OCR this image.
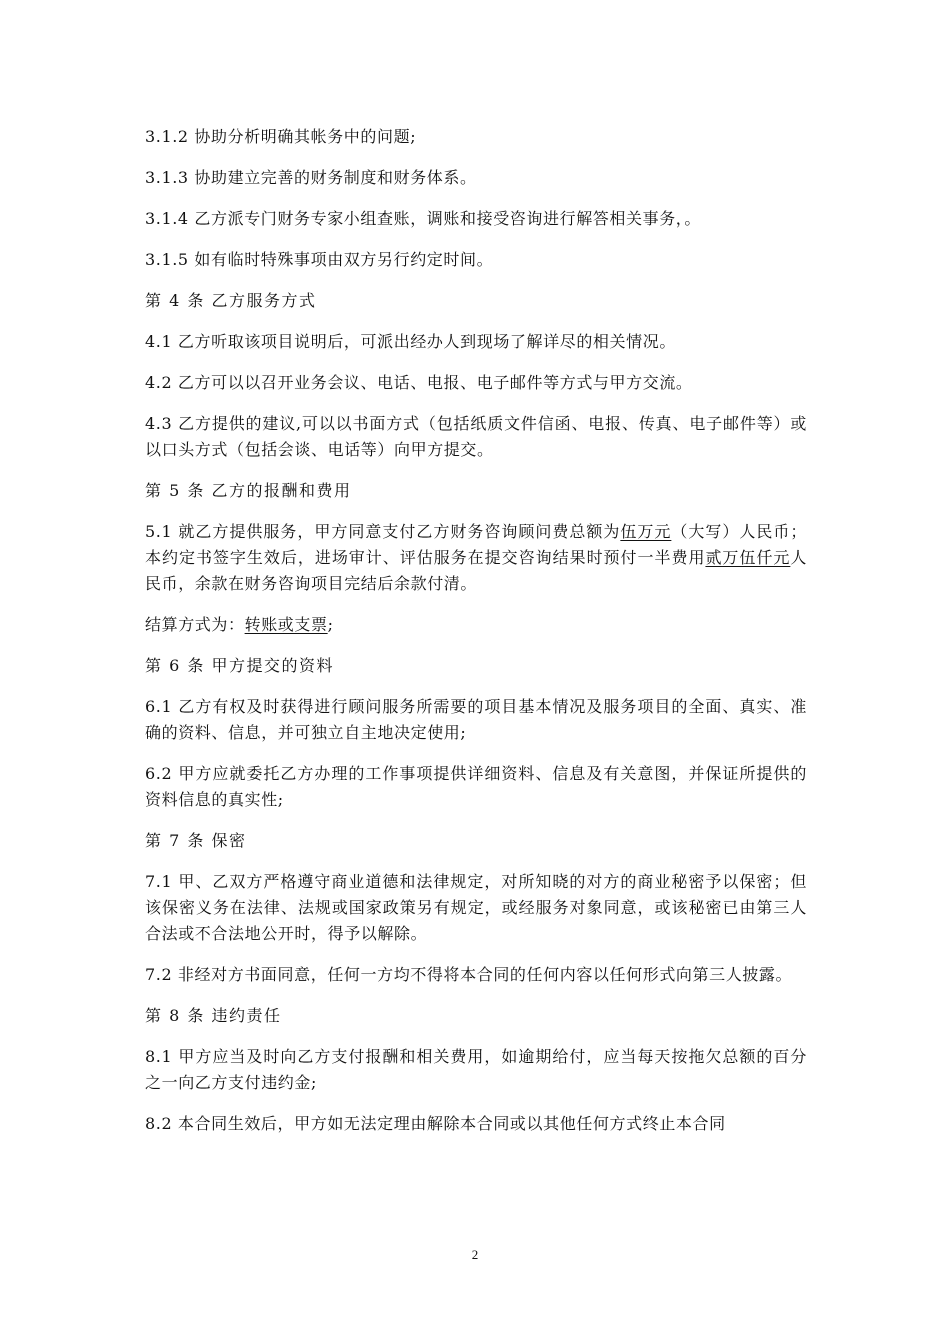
3.1.2 协助分析明确其帐务中的问题;

3.1.3 协助建立完善的财务制度和财务体系。

3.1.4 乙方派专门财务专家小组查账，调账和接受咨询进行解答相关事务，。

3.1.5 如有临时特殊事项由双方另行约定时间。

第 4 条 乙方服务方式

4.1 乙方听取该项目说明后，可派出经办人到现场了解详尽的相关情况。

4.2 乙方可以以召开业务会议、电话、电报、电子邮件等方式与甲方交流。

4.3 乙方提供的建议,可以以书面方式（包括纸质文件信函、电报、传真、电子邮件等）或以口头方式（包括会谈、电话等）向甲方提交。

第 5 条 乙方的报酬和费用

5.1 就乙方提供服务，甲方同意支付乙方财务咨询顾问费总额为伍万元（大写）人民币；本约定书签字生效后，进场审计、评估服务在提交咨询结果时预付一半费用贰万伍仟元人民币，余款在财务咨询项目完结后余款付清。

结算方式为：转账或支票;

第 6 条 甲方提交的资料

6.1 乙方有权及时获得进行顾问服务所需要的项目基本情况及服务项目的全面、真实、准确的资料、信息，并可独立自主地决定使用;

6.2 甲方应就委托乙方办理的工作事项提供详细资料、信息及有关意图，并保证所提供的资料信息的真实性;

第 7 条 保密

7.1 甲、乙双方严格遵守商业道德和法律规定，对所知晓的对方的商业秘密予以保密；但该保密义务在法律、法规或国家政策另有规定，或经服务对象同意，或该秘密已由第三人合法或不合法地公开时，得予以解除。

7.2 非经对方书面同意，任何一方均不得将本合同的任何内容以任何形式向第三人披露。

第 8 条 违约责任

8.1 甲方应当及时向乙方支付报酬和相关费用，如逾期给付，应当每天按拖欠总额的百分之一向乙方支付违约金;

8.2 本合同生效后，甲方如无法定理由解除本合同或以其他任何方式终止本合同

2
